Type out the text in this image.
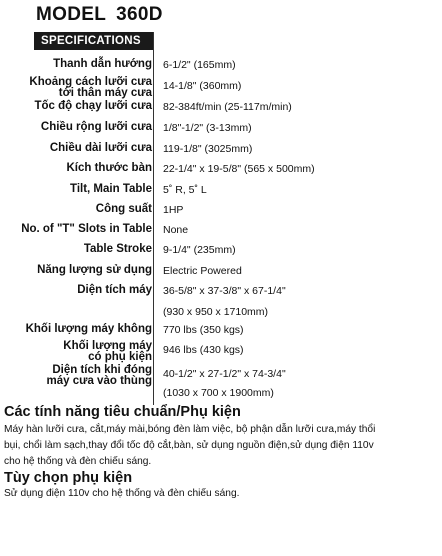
MODEL 360D
SPECIFICATIONS
Thanh dẫn hướng 6-1/2" (165mm)
Khoảng cách lưỡi cưa
tới thân máy cưa
14-1/8" (360mm)
Tốc độ chạy lưỡi cưa 82-384ft/min (25-117m/min)
Chiều rộng lưỡi cưa 1/8"-1/2" (3-13mm)
Chiều dài lưỡi cưa 119-1/8" (3025mm)
Kích thước bàn 22-1/4" x 19-5/8" (565 x 500mm)
Tilt, Main Table 5˚ R, 5˚ L
Công suất 1HP
No. of "T" Slots in Table None
Table Stroke 9-1/4" (235mm)
Năng lượng sử dụng Electric Powered
Diện tích máy 36-5/8" x 37-3/8" x 67-1/4"
(930 x 950 x 1710mm)
Khối lượng máy không 770 lbs (350 kgs)
Khối lượng máy
có phụ kiện
946 lbs (430 kgs)
Diện tích khi đóng
máy cưa vào thùng
40-1/2" x 27-1/2" x 74-3/4"
(1030 x 700 x 1900mm)
Các tính năng tiêu chuẩn/Phụ kiện
Máy hàn lưỡi cưa, cắt,máy mài,bóng đèn làm việc, bộ phận dẫn lưỡi cưa,máy thổi
bụi, chổi làm sạch,thay đổi tốc độ cắt,bàn, sử dụng nguồn điện,sử dụng điện 110v
cho hệ thống và đèn chiếu sáng.
Tùy chọn phụ kiện
Sử dụng điện 110v cho hệ thống và đèn chiếu sáng.
